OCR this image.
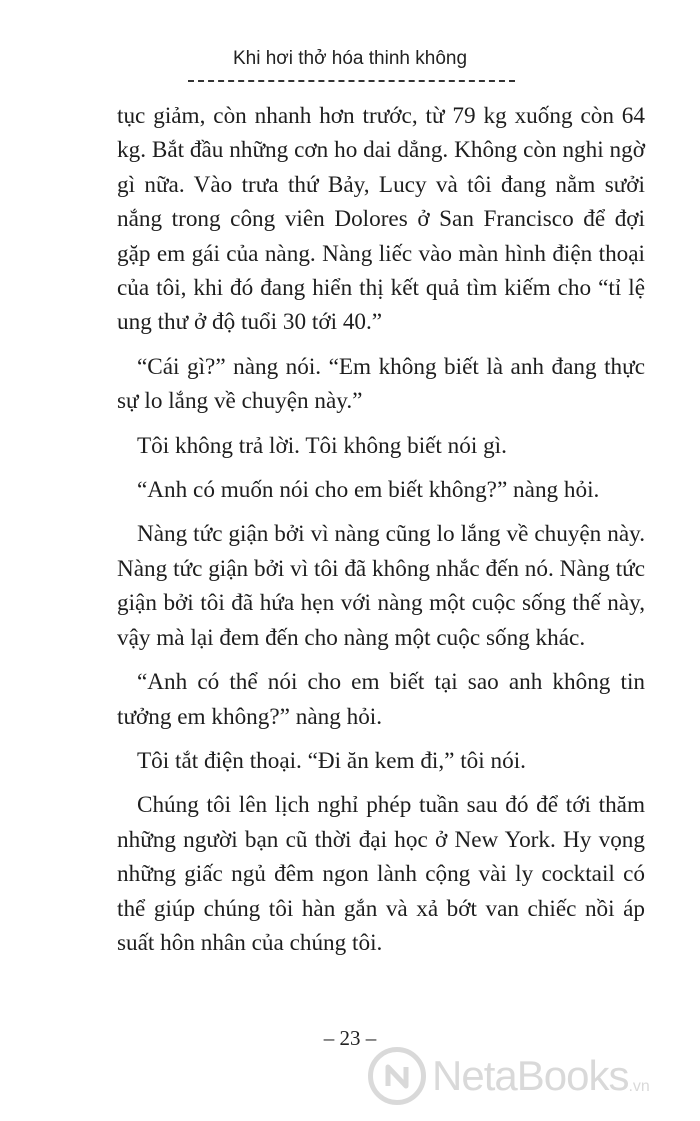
Khi hơi thở hóa thinh không

tục giảm, còn nhanh hơn trước, từ 79 kg xuống còn 64 kg. Bắt đầu những cơn ho dai dẳng. Không còn nghi ngờ gì nữa. Vào trưa thứ Bảy, Lucy và tôi đang nằm sưởi nắng trong công viên Dolores ở San Francisco để đợi gặp em gái của nàng. Nàng liếc vào màn hình điện thoại của tôi, khi đó đang hiển thị kết quả tìm kiếm cho “tỉ lệ ung thư ở độ tuổi 30 tới 40.”

“Cái gì?” nàng nói. “Em không biết là anh đang thực sự lo lắng về chuyện này.”

Tôi không trả lời. Tôi không biết nói gì.

“Anh có muốn nói cho em biết không?” nàng hỏi.

Nàng tức giận bởi vì nàng cũng lo lắng về chuyện này. Nàng tức giận bởi vì tôi đã không nhắc đến nó. Nàng tức giận bởi tôi đã hứa hẹn với nàng một cuộc sống thế này, vậy mà lại đem đến cho nàng một cuộc sống khác.

“Anh có thể nói cho em biết tại sao anh không tin tưởng em không?” nàng hỏi.

Tôi tắt điện thoại. “Đi ăn kem đi,” tôi nói.

Chúng tôi lên lịch nghỉ phép tuần sau đó để tới thăm những người bạn cũ thời đại học ở New York. Hy vọng những giấc ngủ đêm ngon lành cộng vài ly cocktail có thể giúp chúng tôi hàn gắn và xả bớt van chiếc nồi áp suất hôn nhân của chúng tôi.

– 23 –
NetaBooks .vn
